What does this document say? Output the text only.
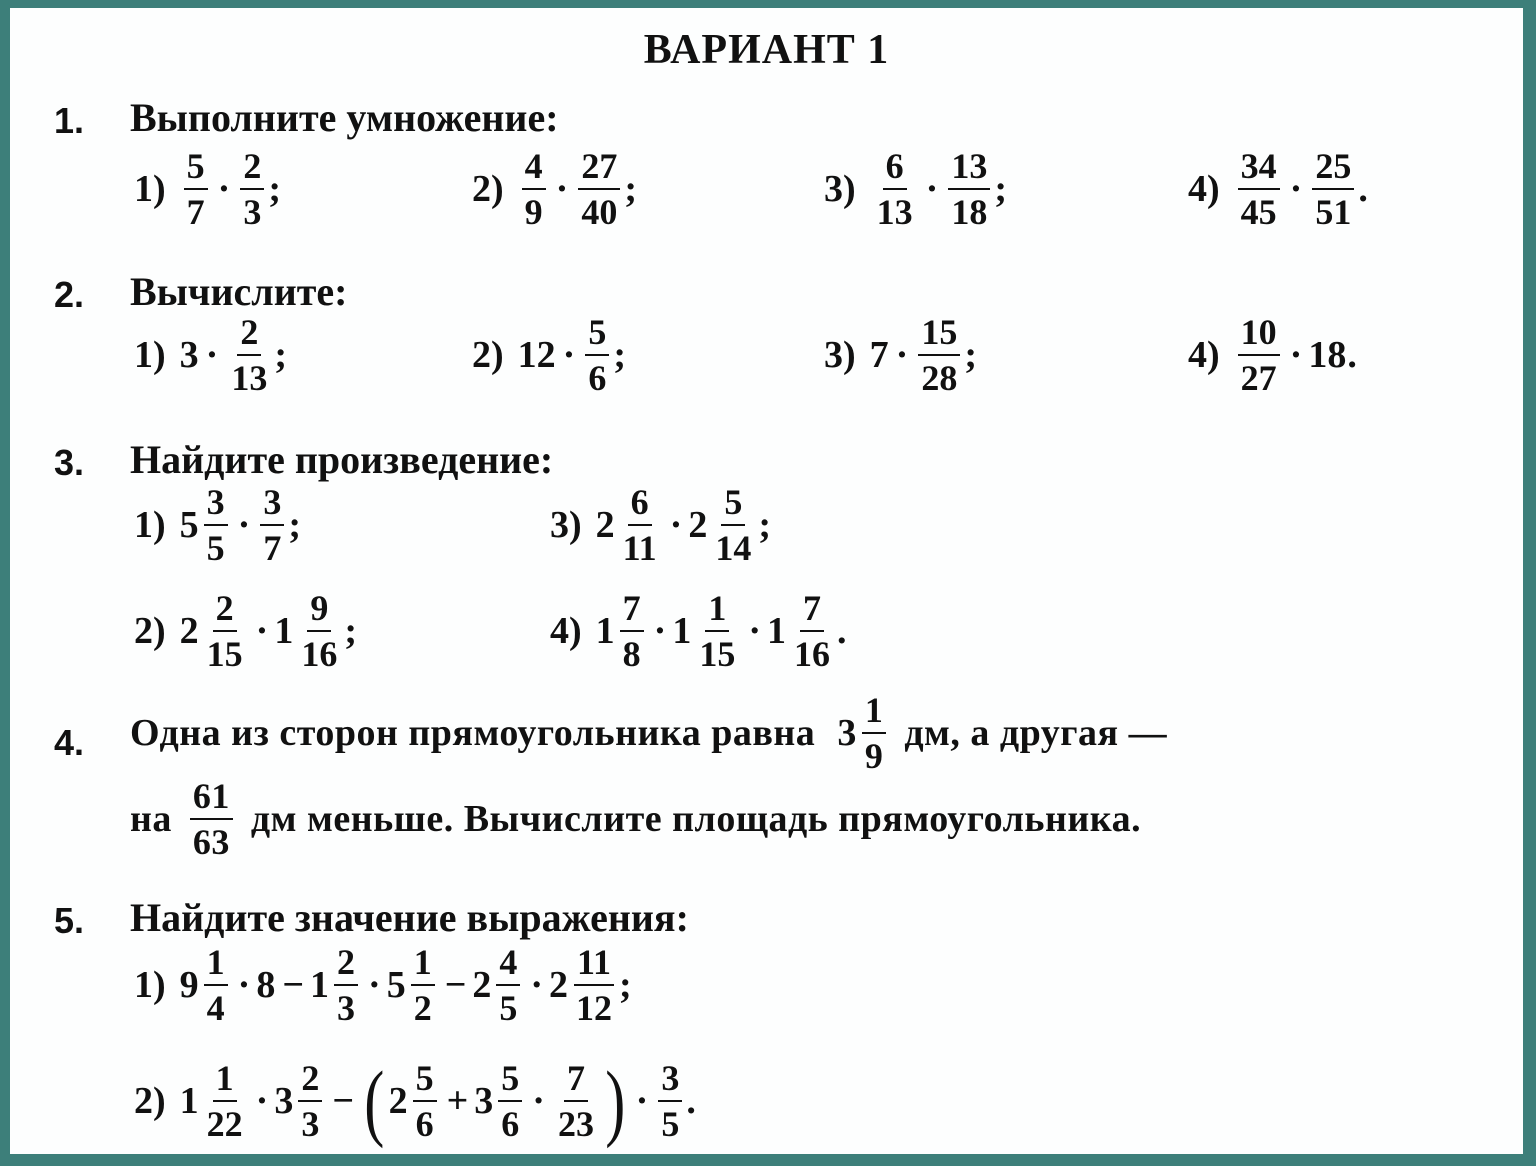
ВАРИАНТ 1
1. Выполните умножение:
$1) \frac{5}{7} \cdot \frac{2}{3}$ ;	$2) \frac{4}{9} \cdot \frac{27}{40}$ ;	$3) \frac{6}{13} \cdot \frac{13}{18}$ ;	$4) \frac{34}{45} \cdot \frac{25}{51}$ .
2. Вычислите:
1) $3 \cdot \frac{2}{13}$ ;	2) $12 \cdot \frac{5}{6}$ ;	3) $7 \cdot \frac{15}{28}$ ;	$4) \frac{10}{27} \cdot 18$ .
3. Найдите произведение:
1) $5 \frac{3}{5} \cdot \frac{3}{7}$ ;
2) $2 \frac{2}{15} \cdot 1 \frac{9}{16}$ ;
3) $2 \frac{6}{11} \cdot 2 \frac{5}{14}$ ;
4) $1 \frac{7}{8} \cdot 1 \frac{1}{15} \cdot 1 \frac{7}{16}$ .
4. Одна из сторон прямоугольника равна $3 \frac{1}{9}$ дм, а другая —
на $\frac{61}{63}$ дм меньше. Вычислите площадь прямоугольника.
5. Найдите значение выражения:
1) $9 \frac{1}{4} \cdot 8 - 1 \frac{2}{3} \cdot 5 \frac{1}{2} - 2 \frac{4}{5} \cdot 2 \frac{11}{12}$ ;
2) $1 \frac{1}{22} \cdot 3 \frac{2}{3}$ − ( $2 \frac{5}{6} + 3 \frac{5}{6} \cdot \frac{7}{23}$ ) · $\frac{3}{5}$ .
